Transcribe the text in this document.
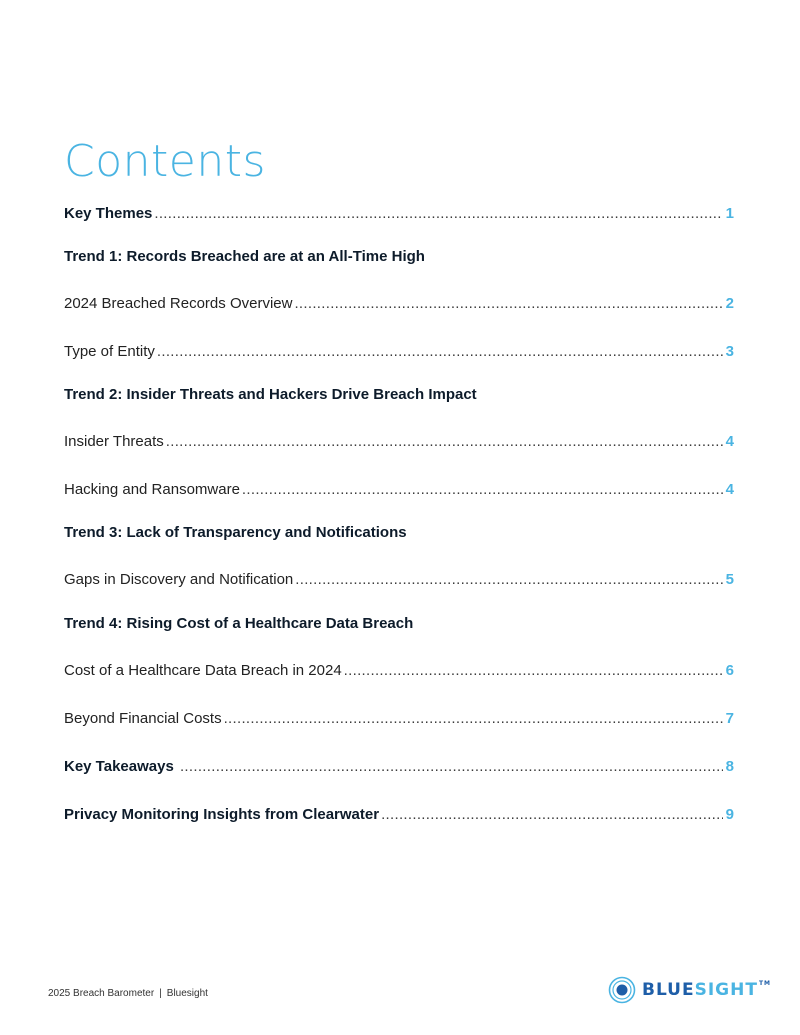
Contents
Key Themes .....	1
Trend 1: Records Breached are at an All-Time High
2024 Breached Records Overview .....	2
Type of Entity .....	3
Trend 2: Insider Threats and Hackers Drive Breach Impact
Insider Threats .....	4
Hacking and Ransomware .....	4
Trend 3: Lack of Transparency and Notifications
Gaps in Discovery and Notification .....	5
Trend 4: Rising Cost of a Healthcare Data Breach
Cost of a Healthcare Data Breach in 2024 .....	6
Beyond Financial Costs .....	7
Key Takeaways .....	8
Privacy Monitoring Insights from Clearwater .....	9
2025 Breach Barometer | Bluesight	BLUESIGHT™
